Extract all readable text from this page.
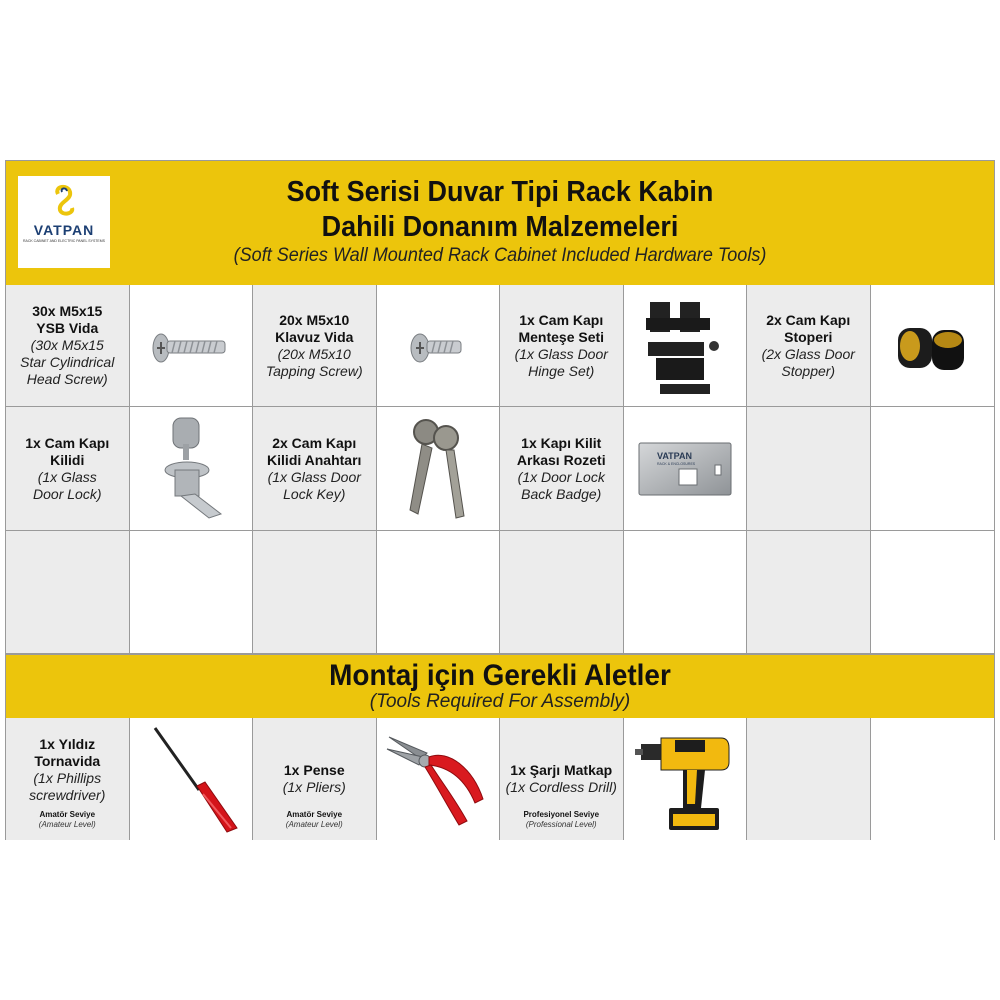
VATPAN
RACK CABINET AND ELECTRIC PANEL SYSTEMS
Soft Serisi Duvar Tipi Rack Kabin
Dahili Donanım Malzemeleri
(Soft Series Wall Mounted Rack Cabinet Included Hardware Tools)
30x M5x15
YSB Vida
(30x M5x15
Star Cylindrical
Head Screw)
20x M5x10
Klavuz Vida
(20x M5x10
Tapping Screw)
1x Cam Kapı
Menteşe Seti
(1x Glass Door
Hinge Set)
2x Cam Kapı
Stoperi
(2x Glass Door
Stopper)
1x Cam Kapı
Kilidi
(1x Glass
Door Lock)
2x Cam Kapı
Kilidi Anahtarı
(1x Glass Door
Lock Key)
1x Kapı Kilit
Arkası Rozeti
(1x Door Lock
Back Badge)
VATPAN
RACK & ENCLOSURES
Montaj için Gerekli Aletler
(Tools Required For Assembly)
1x Yıldız
Tornavida
(1x Phillips
screwdriver)
Amatör Seviye
(Amateur Level)
1x Pense
(1x Pliers)
Amatör Seviye
(Amateur Level)
1x Şarjı Matkap
(1x Cordless Drill)
Profesiyonel Seviye
(Professional Level)
